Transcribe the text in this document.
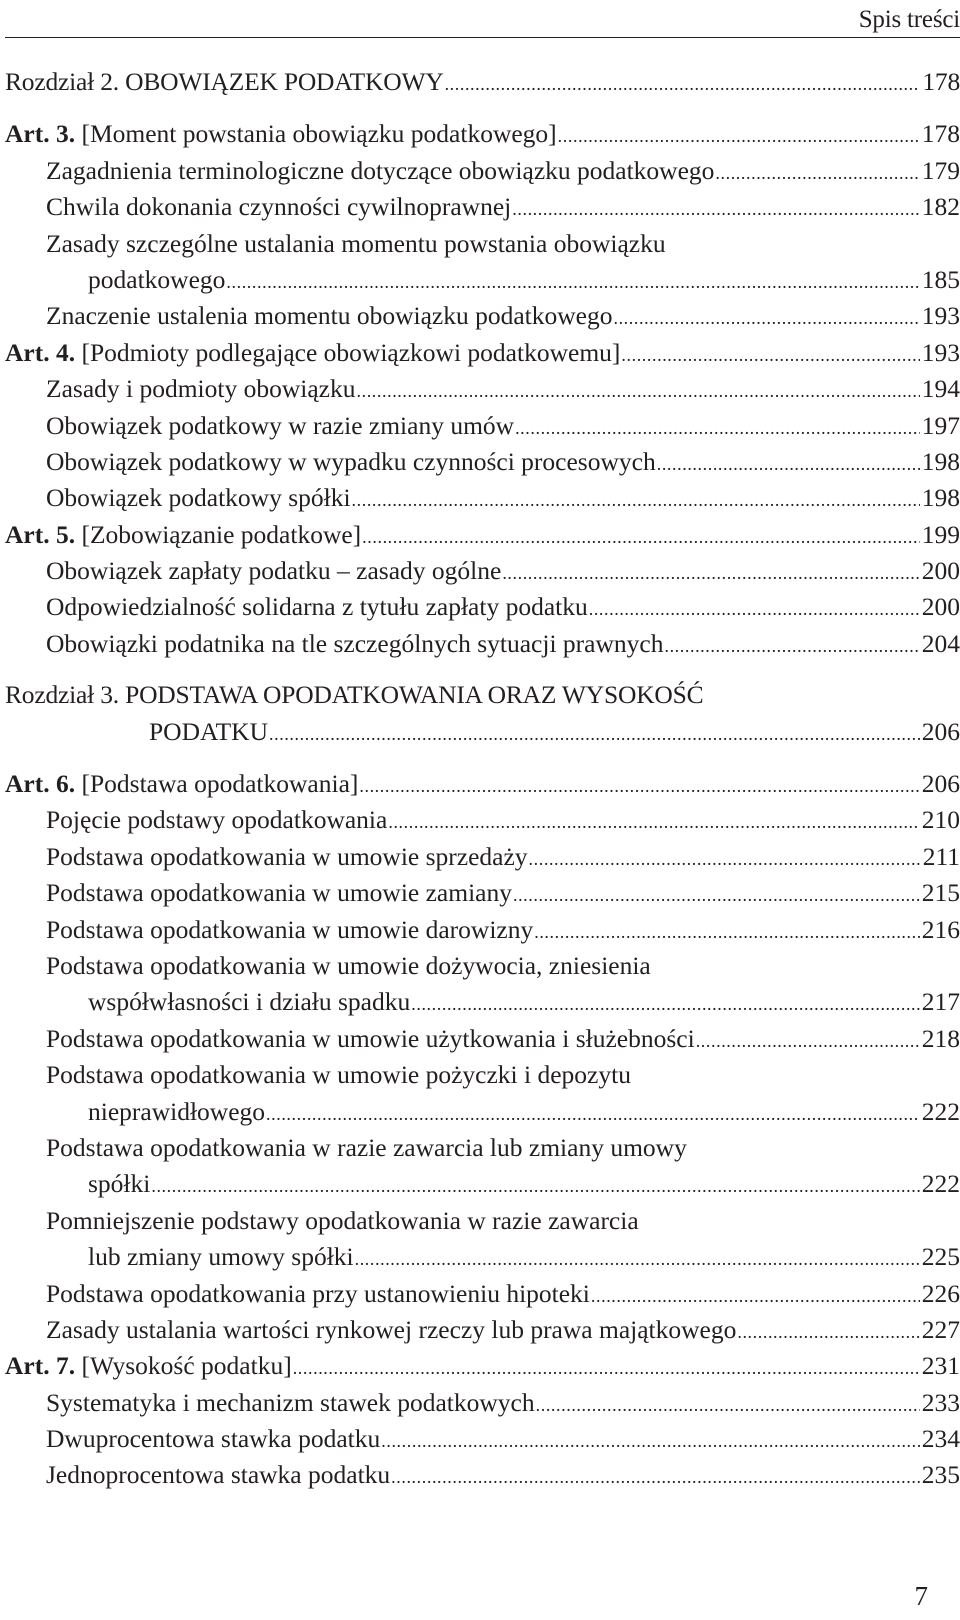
Spis treści
Rozdział 2. OBOWIĄZEK PODATKOWY .....	178
Art. 3. [Moment powstania obowiązku podatkowego] .....	178
Zagadnienia terminologiczne dotyczące obowiązku podatkowego .....	179
Chwila dokonania czynności cywilnoprawnej .....	182
Zasady szczególne ustalania momentu powstania obowiązku
podatkowego .....	185
Znaczenie ustalenia momentu obowiązku podatkowego .....	193
Art. 4. [Podmioty podlegające obowiązkowi podatkowemu] .....	193
Zasady i podmioty obowiązku .....	194
Obowiązek podatkowy w razie zmiany umów .....	197
Obowiązek podatkowy w wypadku czynności procesowych .....	198
Obowiązek podatkowy spółki .....	198
Art. 5. [Zobowiązanie podatkowe] .....	199
Obowiązek zapłaty podatku – zasady ogólne .....	200
Odpowiedzialność solidarna z tytułu zapłaty podatku .....	200
Obowiązki podatnika na tle szczególnych sytuacji prawnych .....	204
Rozdział 3. PODSTAWA OPODATKOWANIA ORAZ WYSOKOŚĆ
PODATKU .....	206
Art. 6. [Podstawa opodatkowania] .....	206
Pojęcie podstawy opodatkowania .....	210
Podstawa opodatkowania w umowie sprzedaży .....	211
Podstawa opodatkowania w umowie zamiany .....	215
Podstawa opodatkowania w umowie darowizny .....	216
Podstawa opodatkowania w umowie dożywocia, zniesienia
współwłasności i działu spadku .....	217
Podstawa opodatkowania w umowie użytkowania i służebności .....	218
Podstawa opodatkowania w umowie pożyczki i depozytu
nieprawidłowego .....	222
Podstawa opodatkowania w razie zawarcia lub zmiany umowy
spółki .....	222
Pomniejszenie podstawy opodatkowania w razie zawarcia
lub zmiany umowy spółki .....	225
Podstawa opodatkowania przy ustanowieniu hipoteki .....	226
Zasady ustalania wartości rynkowej rzeczy lub prawa majątkowego .....	227
Art. 7. [Wysokość podatku] .....	231
Systematyka i mechanizm stawek podatkowych .....	233
Dwuprocentowa stawka podatku .....	234
Jednoprocentowa stawka podatku .....	235
7
